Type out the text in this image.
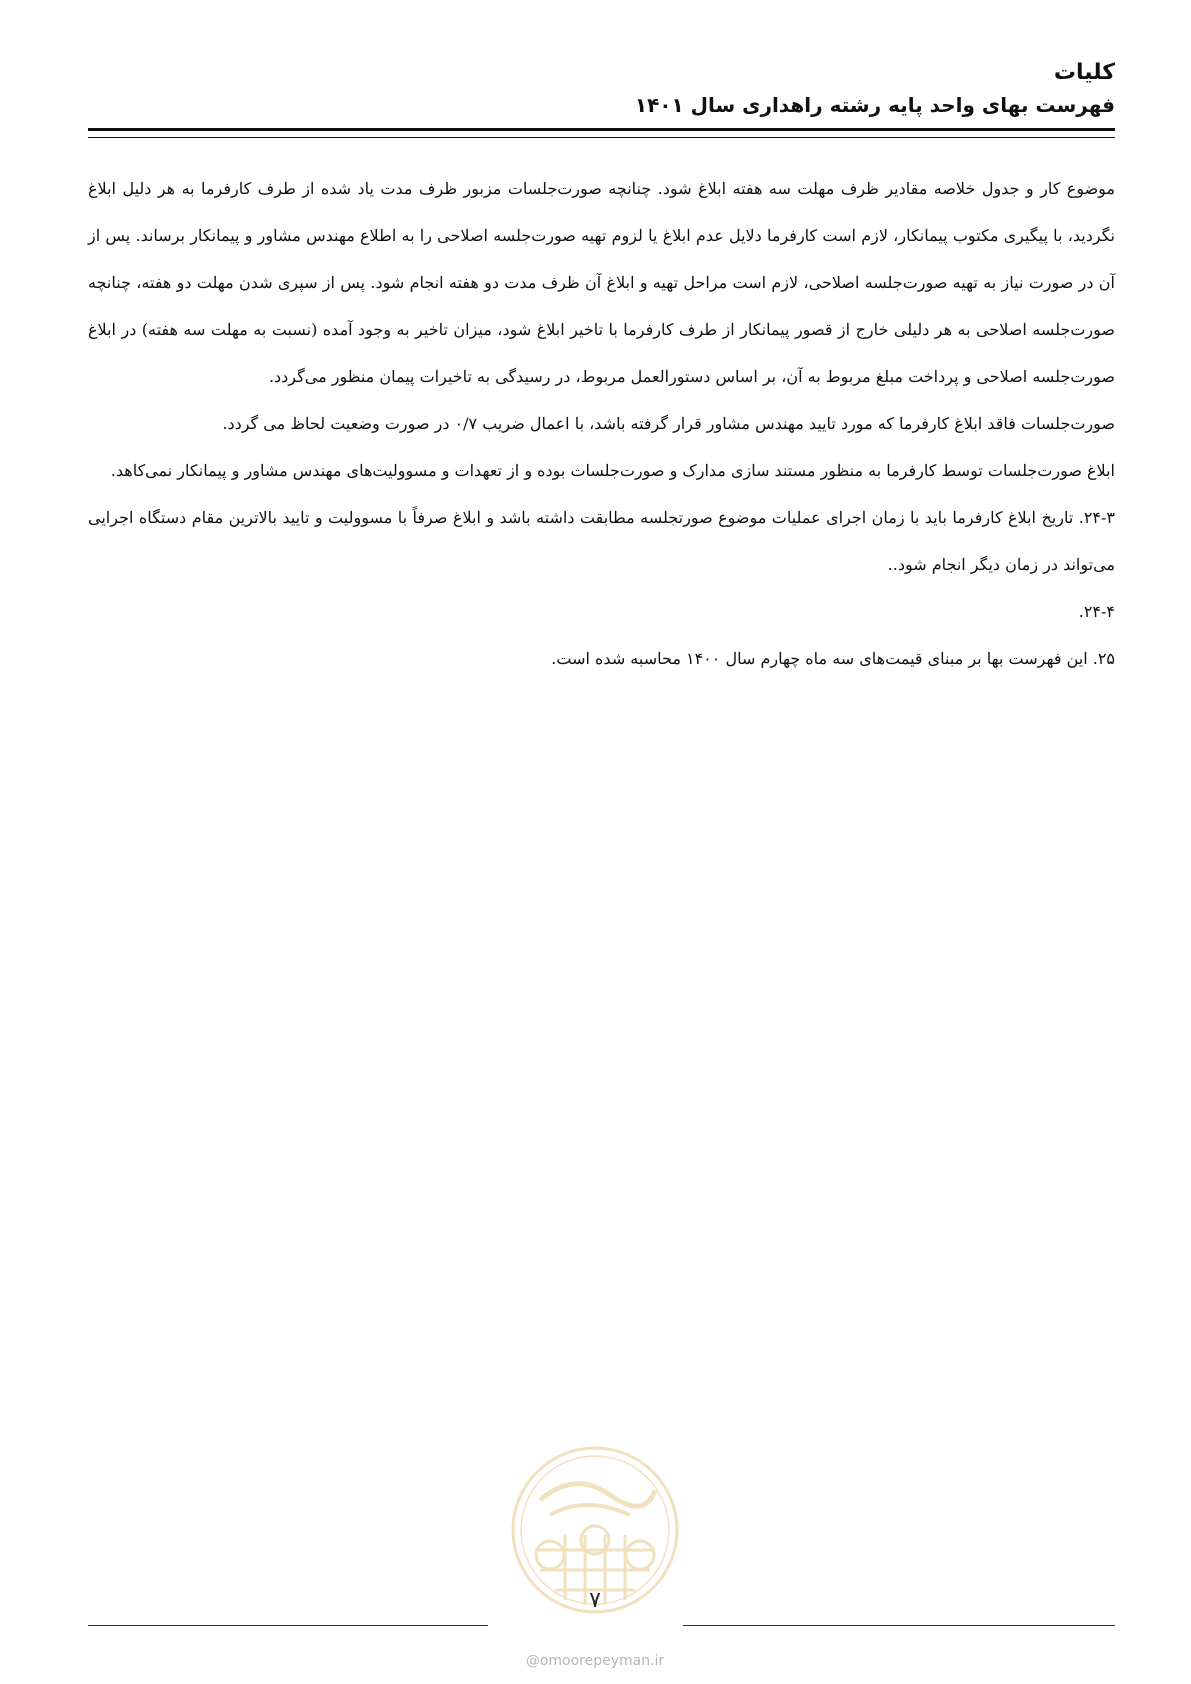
کلیات

فهرست بهای واحد پایه رشته راهداری سال ۱۴۰۱

موضوع کار و جدول خلاصه مقادیر ظرف مهلت سه هفته ابلاغ شود. چنانچه صورت‌جلسات مزبور ظرف مدت یاد شده از طرف کارفرما به هر دلیل ابلاغ نگردید، با پیگیری مکتوب پیمانکار، لازم است کارفرما دلایل عدم ابلاغ یا لزوم تهیه صورت‌جلسه اصلاحی را به اطلاع مهندس مشاور و پیمانکار برساند. پس از آن در صورت نیاز به تهیه صورت‌جلسه اصلاحی، لازم است مراحل تهیه و ابلاغ آن ظرف مدت دو هفته انجام شود. پس از سپری شدن مهلت دو هفته، چنانچه صورت‌جلسه اصلاحی به هر دلیلی خارج از قصور پیمانکار از طرف کارفرما با تاخیر ابلاغ شود، میزان تاخیر به وجود آمده (نسبت به مهلت سه هفته) در ابلاغ صورت‌جلسه اصلاحی و پرداخت مبلغ مربوط به آن، بر اساس دستورالعمل مربوط، در رسیدگی به تاخیرات پیمان منظور می‌گردد.

صورت‌جلسات فاقد ابلاغ کارفرما که مورد تایید مهندس مشاور قرار گرفته باشد، با اعمال ضریب ۰/۷ در صورت وضعیت لحاظ می گردد.

ابلاغ صورت‌جلسات توسط کارفرما به منظور مستند سازی مدارک و صورت‌جلسات بوده و از تعهدات و مسوولیت‌های مهندس مشاور و پیمانکار نمی‌کاهد.

۲۴-۳. تاریخ ابلاغ کارفرما باید با زمان اجرای عملیات موضوع صورتجلسه مطابقت داشته باشد و ابلاغ صرفاً با مسوولیت و تایید بالاترین مقام دستگاه اجرایی می‌تواند در زمان دیگر انجام شود..

۲۴-۴.

۲۵. این فهرست بها بر مبنای قیمت‌های سه ماه چهارم سال ۱۴۰۰ محاسبه شده است.

۷
@omoorepeyman.ir
